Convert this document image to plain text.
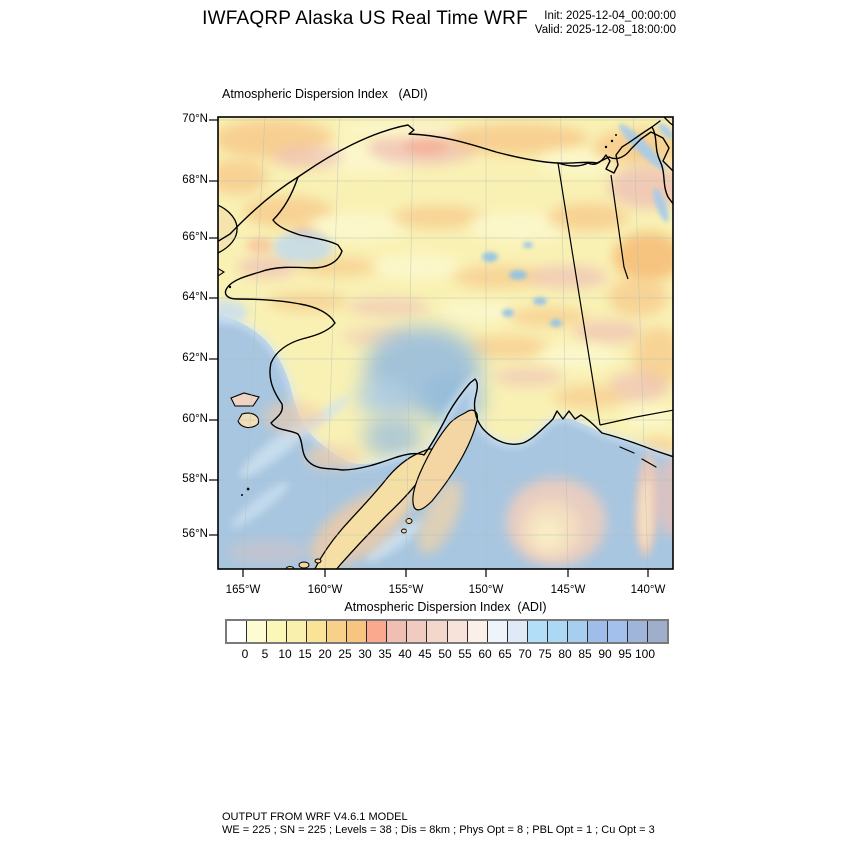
IWFAQRP Alaska US Real Time WRF	Init: 2025-12-04_00:00:00
Valid: 2025-12-08_18:00:00
Atmospheric Dispersion Index   (ADI)
70°N
68°N
66°N
64°N
62°N
60°N
58°N
56°N
165°W	160°W	155°W	150°W	145°W	140°W
Atmospheric Dispersion Index  (ADI)
0	5 10 15 20 25 30 35 40 45 50 55 60 65 70 75 80 85 90 95 100
OUTPUT FROM WRF V4.6.1 MODEL
WE = 225 ; SN = 225 ; Levels = 38 ; Dis = 8km ; Phys Opt = 8 ; PBL Opt = 1 ; Cu Opt = 3
